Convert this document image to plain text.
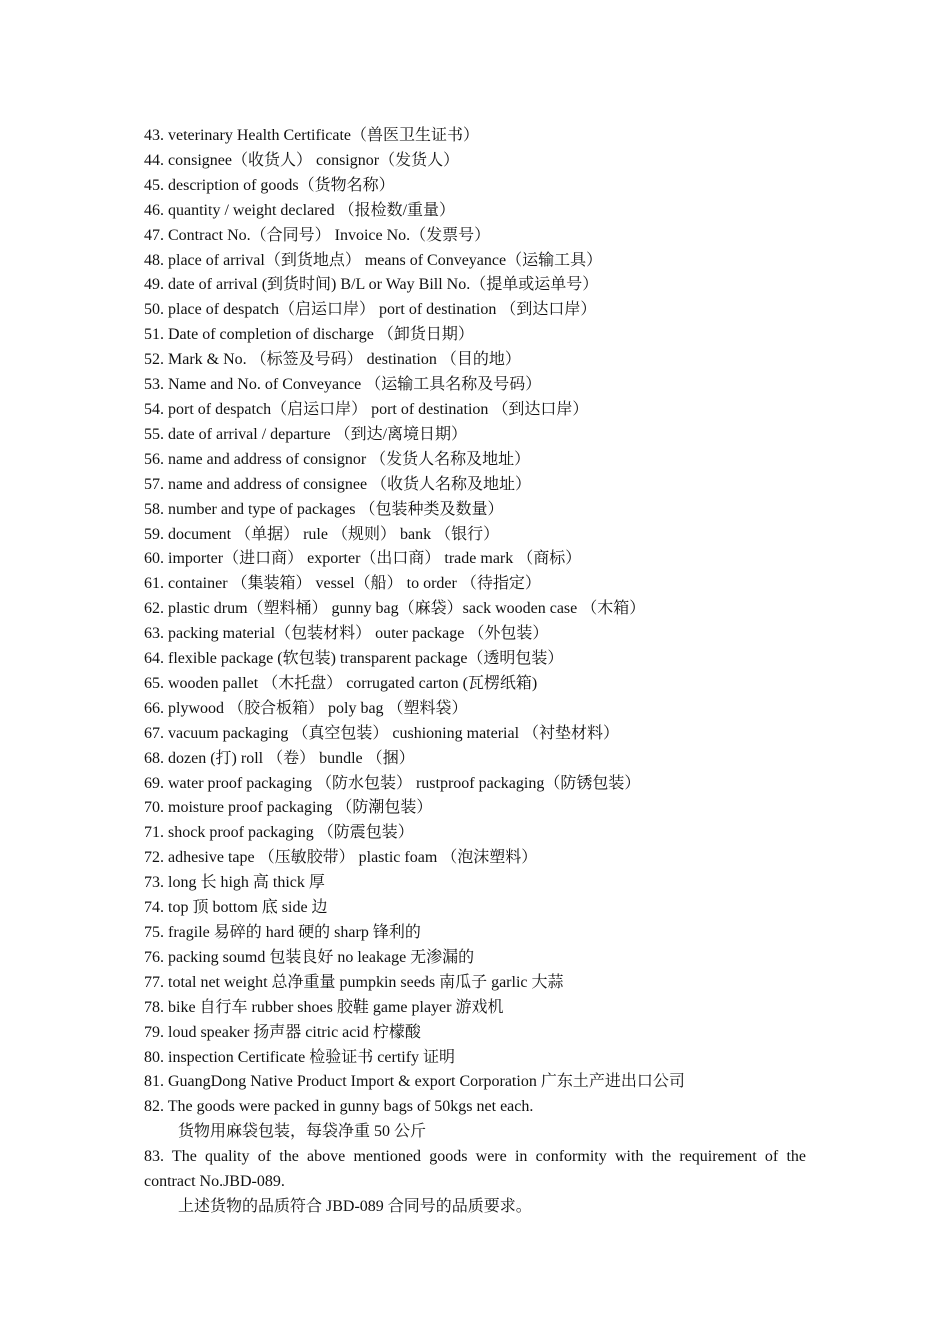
43. veterinary Health Certificate（兽医卫生证书）
44. consignee（收货人） consignor（发货人）
45. description of goods（货物名称）
46. quantity / weight declared （报检数/重量）
47. Contract No.（合同号） Invoice No.（发票号）
48. place of arrival（到货地点） means of Conveyance（运输工具）
49. date of arrival (到货时间) B/L or Way Bill No.（提单或运单号）
50. place of despatch（启运口岸） port of destination （到达口岸）
51. Date of completion of discharge （卸货日期）
52. Mark & No. （标签及号码） destination （目的地）
53. Name and No. of Conveyance （运输工具名称及号码）
54. port of despatch（启运口岸） port of destination （到达口岸）
55. date of arrival / departure （到达/离境日期）
56. name and address of consignor （发货人名称及地址）
57. name and address of consignee （收货人名称及地址）
58. number and type of packages （包装种类及数量）
59. document （单据） rule （规则） bank （银行）
60. importer（进口商） exporter（出口商） trade mark （商标）
61. container （集装箱） vessel（船） to order （待指定）
62. plastic drum（塑料桶） gunny bag（麻袋）sack wooden case （木箱）
63. packing material（包装材料） outer package （外包装）
64. flexible package (软包装) transparent package（透明包装）
65. wooden pallet （木托盘） corrugated carton (瓦楞纸箱)
66. plywood （胶合板箱） poly bag （塑料袋）
67. vacuum packaging （真空包装） cushioning material （衬垫材料）
68. dozen (打) roll （卷） bundle （捆）
69. water proof packaging （防水包装） rustproof packaging（防锈包装）
70. moisture proof packaging （防潮包装）
71. shock proof packaging （防震包装）
72. adhesive tape （压敏胶带） plastic foam （泡沫塑料）
73. long 长 high 高 thick 厚
74. top 顶 bottom 底 side 边
75. fragile 易碎的 hard 硬的 sharp 锋利的
76. packing soumd 包装良好 no leakage 无渗漏的
77. total net weight 总净重量 pumpkin seeds 南瓜子 garlic 大蒜
78. bike 自行车 rubber shoes 胶鞋 game player 游戏机
79. loud speaker 扬声器 citric acid 柠檬酸
80. inspection Certificate 检验证书 certify 证明
81. GuangDong Native Product Import & export Corporation 广东土产进出口公司
82. The goods were packed in gunny bags of 50kgs net each.
货物用麻袋包装，每袋净重 50 公斤
83. The quality of the above mentioned goods were in conformity with the requirement of the
contract No.JBD-089.
上述货物的品质符合 JBD-089 合同号的品质要求。
